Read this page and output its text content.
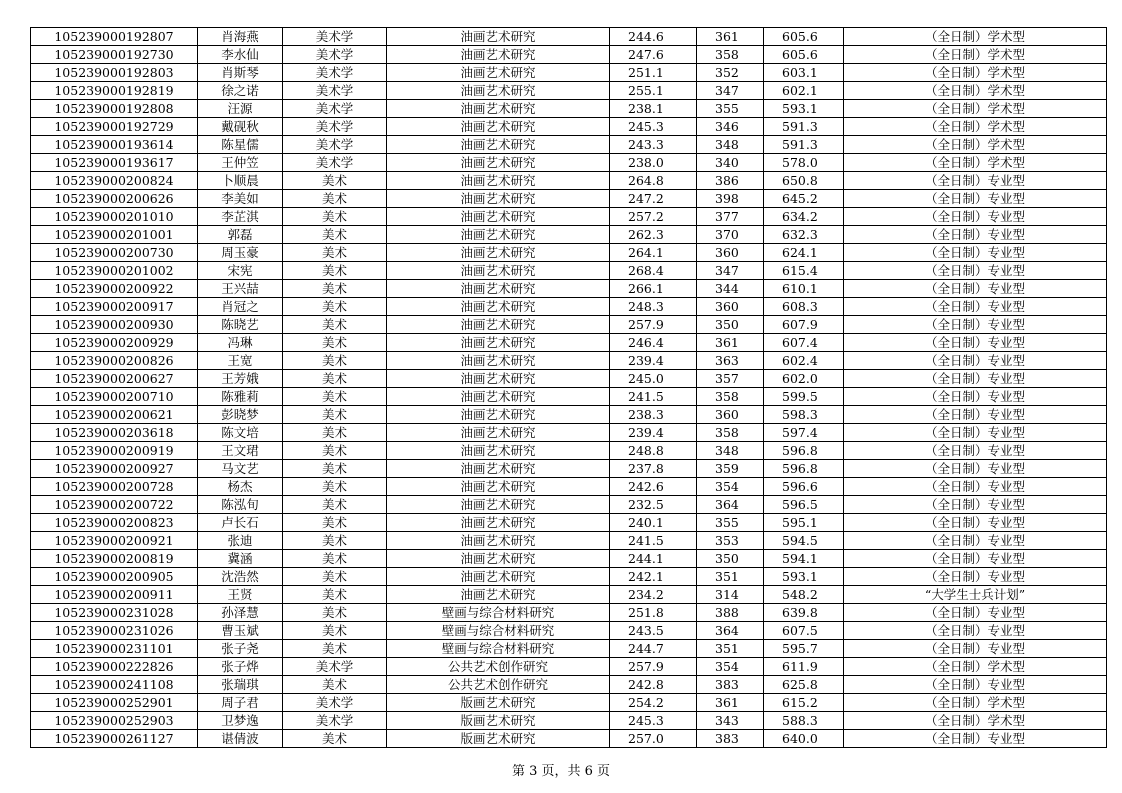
105239000192807	肖海燕	美术学	油画艺术研究	244.6	361	605.6	（全日制）学术型
105239000192730	李水仙	美术学	油画艺术研究	247.6	358	605.6	（全日制）学术型
105239000192803	肖斯琴	美术学	油画艺术研究	251.1	352	603.1	（全日制）学术型
105239000192819	徐之诺	美术学	油画艺术研究	255.1	347	602.1	（全日制）学术型
105239000192808	汪源	美术学	油画艺术研究	238.1	355	593.1	（全日制）学术型
105239000192729	戴砚秋	美术学	油画艺术研究	245.3	346	591.3	（全日制）学术型
105239000193614	陈星儒	美术学	油画艺术研究	243.3	348	591.3	（全日制）学术型
105239000193617	王仲笠	美术学	油画艺术研究	238.0	340	578.0	（全日制）学术型
105239000200824	卜顺晨	美术	油画艺术研究	264.8	386	650.8	（全日制）专业型
105239000200626	李美如	美术	油画艺术研究	247.2	398	645.2	（全日制）专业型
105239000201010	李芷淇	美术	油画艺术研究	257.2	377	634.2	（全日制）专业型
105239000201001	郭磊	美术	油画艺术研究	262.3	370	632.3	（全日制）专业型
105239000200730	周玉豪	美术	油画艺术研究	264.1	360	624.1	（全日制）专业型
105239000201002	宋宪	美术	油画艺术研究	268.4	347	615.4	（全日制）专业型
105239000200922	王兴喆	美术	油画艺术研究	266.1	344	610.1	（全日制）专业型
105239000200917	肖冠之	美术	油画艺术研究	248.3	360	608.3	（全日制）专业型
105239000200930	陈晓艺	美术	油画艺术研究	257.9	350	607.9	（全日制）专业型
105239000200929	冯琳	美术	油画艺术研究	246.4	361	607.4	（全日制）专业型
105239000200826	王宽	美术	油画艺术研究	239.4	363	602.4	（全日制）专业型
105239000200627	王芳娥	美术	油画艺术研究	245.0	357	602.0	（全日制）专业型
105239000200710	陈雅莉	美术	油画艺术研究	241.5	358	599.5	（全日制）专业型
105239000200621	彭晓梦	美术	油画艺术研究	238.3	360	598.3	（全日制）专业型
105239000203618	陈文培	美术	油画艺术研究	239.4	358	597.4	（全日制）专业型
105239000200919	王文珺	美术	油画艺术研究	248.8	348	596.8	（全日制）专业型
105239000200927	马文艺	美术	油画艺术研究	237.8	359	596.8	（全日制）专业型
105239000200728	杨杰	美术	油画艺术研究	242.6	354	596.6	（全日制）专业型
105239000200722	陈泓旬	美术	油画艺术研究	232.5	364	596.5	（全日制）专业型
105239000200823	卢长石	美术	油画艺术研究	240.1	355	595.1	（全日制）专业型
105239000200921	张迪	美术	油画艺术研究	241.5	353	594.5	（全日制）专业型
105239000200819	冀涵	美术	油画艺术研究	244.1	350	594.1	（全日制）专业型
105239000200905	沈浩然	美术	油画艺术研究	242.1	351	593.1	（全日制）专业型
105239000200911	王贤	美术	油画艺术研究	234.2	314	548.2	“大学生士兵计划”
105239000231028	孙泽慧	美术	壁画与综合材料研究	251.8	388	639.8	（全日制）专业型
105239000231026	曹玉斌	美术	壁画与综合材料研究	243.5	364	607.5	（全日制）专业型
105239000231101	张子尧	美术	壁画与综合材料研究	244.7	351	595.7	（全日制）专业型
105239000222826	张子烨	美术学	公共艺术创作研究	257.9	354	611.9	（全日制）学术型
105239000241108	张瑞琪	美术	公共艺术创作研究	242.8	383	625.8	（全日制）专业型
105239000252901	周子君	美术学	版画艺术研究	254.2	361	615.2	（全日制）学术型
105239000252903	卫梦逸	美术学	版画艺术研究	245.3	343	588.3	（全日制）学术型
105239000261127	谌倩波	美术	版画艺术研究	257.0	383	640.0	（全日制）专业型
第 3 页，共 6 页
